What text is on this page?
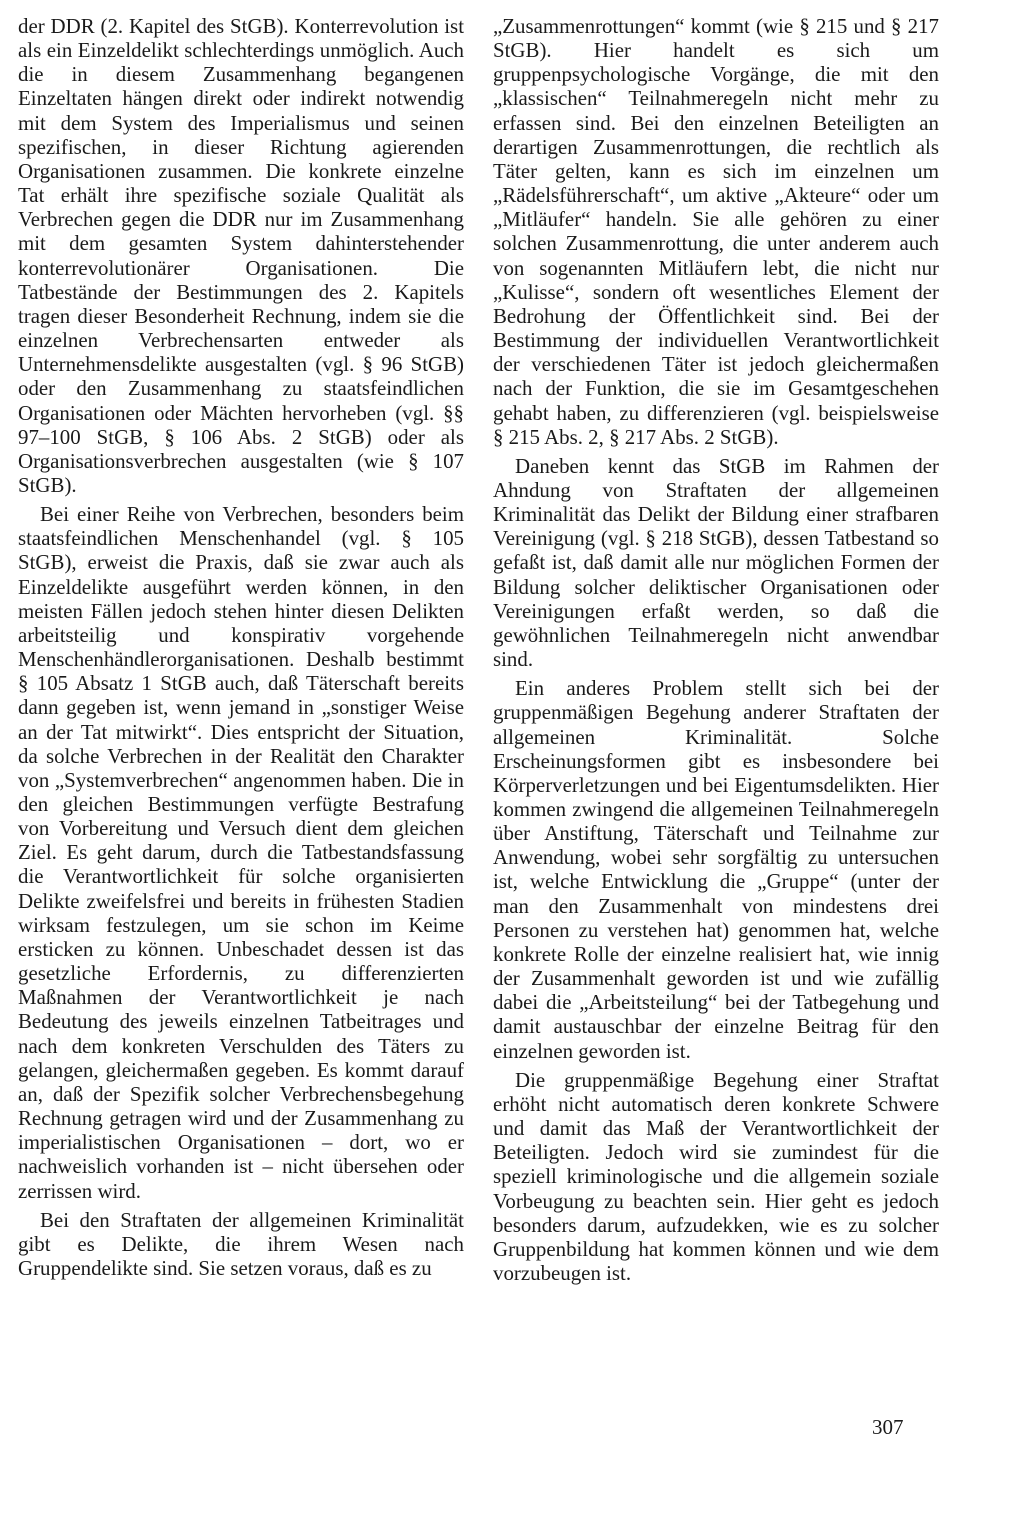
der DDR (2. Kapitel des StGB). Konterrevolution ist als ein Einzeldelikt schlechterdings unmöglich. Auch die in diesem Zusammenhang begangenen Einzeltaten hängen direkt oder indirekt notwendig mit dem System des Imperialismus und seinen spezifischen, in dieser Richtung agierenden Organisationen zusammen. Die konkrete einzelne Tat erhält ihre spezifische soziale Qualität als Verbrechen gegen die DDR nur im Zusammenhang mit dem gesamten System dahinterstehender konterrevolutionärer Organisationen. Die Tatbestände der Bestimmungen des 2. Kapitels tragen dieser Besonderheit Rechnung, indem sie die einzelnen Verbrechensarten entweder als Unternehmensdelikte ausgestalten (vgl. § 96 StGB) oder den Zusammenhang zu staatsfeindlichen Organisationen oder Mächten hervorheben (vgl. §§ 97–100 StGB, § 106 Abs. 2 StGB) oder als Organisationsverbrechen ausgestalten (wie § 107 StGB).

Bei einer Reihe von Verbrechen, besonders beim staatsfeindlichen Menschenhandel (vgl. § 105 StGB), erweist die Praxis, daß sie zwar auch als Einzeldelikte ausgeführt werden können, in den meisten Fällen jedoch stehen hinter diesen Delikten arbeitsteilig und konspirativ vorgehende Menschenhändlerorganisationen. Deshalb bestimmt § 105 Absatz 1 StGB auch, daß Täterschaft bereits dann gegeben ist, wenn jemand in „sonstiger Weise an der Tat mitwirkt“. Dies entspricht der Situation, da solche Verbrechen in der Realität den Charakter von „Systemverbrechen“ angenommen haben. Die in den gleichen Bestimmungen verfügte Bestrafung von Vorbereitung und Versuch dient dem gleichen Ziel. Es geht darum, durch die Tatbestandsfassung die Verantwortlichkeit für solche organisierten Delikte zweifelsfrei und bereits in frühesten Stadien wirksam festzulegen, um sie schon im Keime ersticken zu können. Unbeschadet dessen ist das gesetzliche Erfordernis, zu differenzierten Maßnahmen der Verantwortlichkeit je nach Bedeutung des jeweils einzelnen Tatbeitrages und nach dem konkreten Verschulden des Täters zu gelangen, gleichermaßen gegeben. Es kommt darauf an, daß der Spezifik solcher Verbrechensbegehung Rechnung getragen wird und der Zusammenhang zu imperialistischen Organisationen – dort, wo er nachweislich vorhanden ist – nicht übersehen oder zerrissen wird.

Bei den Straftaten der allgemeinen Kriminalität gibt es Delikte, die ihrem Wesen nach Gruppendelikte sind. Sie setzen voraus, daß es zu

„Zusammenrottungen“ kommt (wie § 215 und § 217 StGB). Hier handelt es sich um gruppenpsychologische Vorgänge, die mit den „klassischen“ Teilnahmeregeln nicht mehr zu erfassen sind. Bei den einzelnen Beteiligten an derartigen Zusammenrottungen, die rechtlich als Täter gelten, kann es sich im einzelnen um „Rädelsführerschaft“, um aktive „Akteure“ oder um „Mitläufer“ handeln. Sie alle gehören zu einer solchen Zusammenrottung, die unter anderem auch von sogenannten Mitläufern lebt, die nicht nur „Kulisse“, sondern oft wesentliches Element der Bedrohung der Öffentlichkeit sind. Bei der Bestimmung der individuellen Verantwortlichkeit der verschiedenen Täter ist jedoch gleichermaßen nach der Funktion, die sie im Gesamtgeschehen gehabt haben, zu differenzieren (vgl. beispielsweise § 215 Abs. 2, § 217 Abs. 2 StGB).

Daneben kennt das StGB im Rahmen der Ahndung von Straftaten der allgemeinen Kriminalität das Delikt der Bildung einer strafbaren Vereinigung (vgl. § 218 StGB), dessen Tatbestand so gefaßt ist, daß damit alle nur möglichen Formen der Bildung solcher deliktischer Organisationen oder Vereinigungen erfaßt werden, so daß die gewöhnlichen Teilnahmeregeln nicht anwendbar sind.

Ein anderes Problem stellt sich bei der gruppenmäßigen Begehung anderer Straftaten der allgemeinen Kriminalität. Solche Erscheinungsformen gibt es insbesondere bei Körperverletzungen und bei Eigentumsdelikten. Hier kommen zwingend die allgemeinen Teilnahmeregeln über Anstiftung, Täterschaft und Teilnahme zur Anwendung, wobei sehr sorgfältig zu untersuchen ist, welche Entwicklung die „Gruppe“ (unter der man den Zusammenhalt von mindestens drei Personen zu verstehen hat) genommen hat, welche konkrete Rolle der einzelne realisiert hat, wie innig der Zusammenhalt geworden ist und wie zufällig dabei die „Arbeitsteilung“ bei der Tatbegehung und damit austauschbar der einzelne Beitrag für den einzelnen geworden ist.

Die gruppenmäßige Begehung einer Straftat erhöht nicht automatisch deren konkrete Schwere und damit das Maß der Verantwortlichkeit der Beteiligten. Jedoch wird sie zumindest für die speziell kriminologische und die allgemein soziale Vorbeugung zu beachten sein. Hier geht es jedoch besonders darum, aufzudekken, wie es zu solcher Gruppenbildung hat kommen können und wie dem vorzubeugen ist.

307
